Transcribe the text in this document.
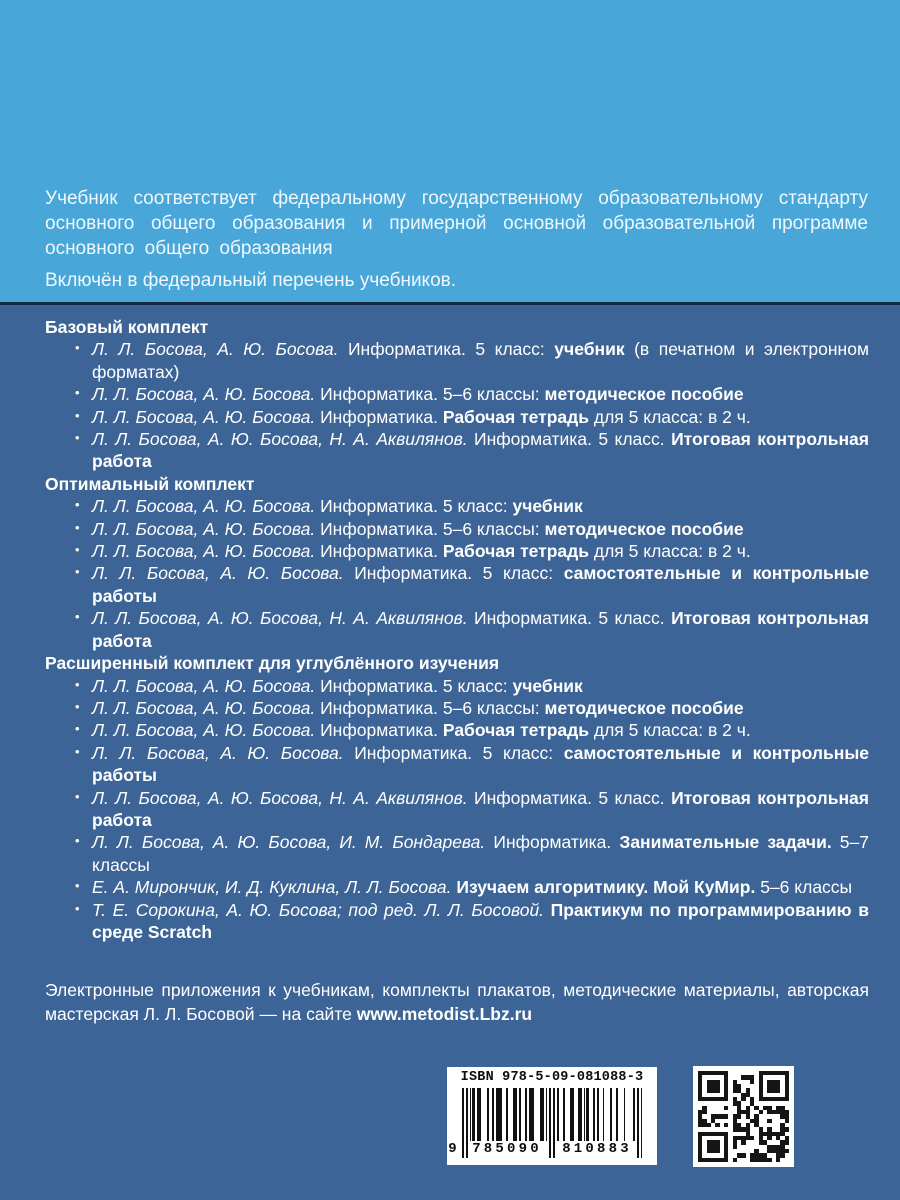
Учебник соответствует федеральному государственному образовательному стандарту основного общего образования и примерной основной образовательной программе основного общего образования

Включён в федеральный перечень учебников.

Базовый комплект
• Л. Л. Босова, А. Ю. Босова. Информатика. 5 класс: учебник (в печатном и электронном форматах)
• Л. Л. Босова, А. Ю. Босова. Информатика. 5–6 классы: методическое пособие
• Л. Л. Босова, А. Ю. Босова. Информатика. Рабочая тетрадь для 5 класса: в 2 ч.
• Л. Л. Босова, А. Ю. Босова, Н. А. Аквилянов. Информатика. 5 класс. Итоговая контрольная работа
Оптимальный комплект
• Л. Л. Босова, А. Ю. Босова. Информатика. 5 класс: учебник
• Л. Л. Босова, А. Ю. Босова. Информатика. 5–6 классы: методическое пособие
• Л. Л. Босова, А. Ю. Босова. Информатика. Рабочая тетрадь для 5 класса: в 2 ч.
• Л. Л. Босова, А. Ю. Босова. Информатика. 5 класс: самостоятельные и контрольные работы
• Л. Л. Босова, А. Ю. Босова, Н. А. Аквилянов. Информатика. 5 класс. Итоговая контрольная работа
Расширенный комплект для углублённого изучения
• Л. Л. Босова, А. Ю. Босова. Информатика. 5 класс: учебник
• Л. Л. Босова, А. Ю. Босова. Информатика. 5–6 классы: методическое пособие
• Л. Л. Босова, А. Ю. Босова. Информатика. Рабочая тетрадь для 5 класса: в 2 ч.
• Л. Л. Босова, А. Ю. Босова. Информатика. 5 класс: самостоятельные и контрольные работы
• Л. Л. Босова, А. Ю. Босова, Н. А. Аквилянов. Информатика. 5 класс. Итоговая контрольная работа
• Л. Л. Босова, А. Ю. Босова, И. М. Бондарева. Информатика. Занимательные задачи. 5–7 классы
• Е. А. Мирончик, И. Д. Куклина, Л. Л. Босова. Изучаем алгоритмику. Мой КуМир. 5–6 классы
• Т. Е. Сорокина, А. Ю. Босова; под ред. Л. Л. Босовой. Практикум по программированию в среде Scratch

Электронные приложения к учебникам, комплекты плакатов, методические материалы, авторская мастерская Л. Л. Босовой — на сайте www.metodist.Lbz.ru

ISBN 978-5-09-081088-3
9 785090	810883
